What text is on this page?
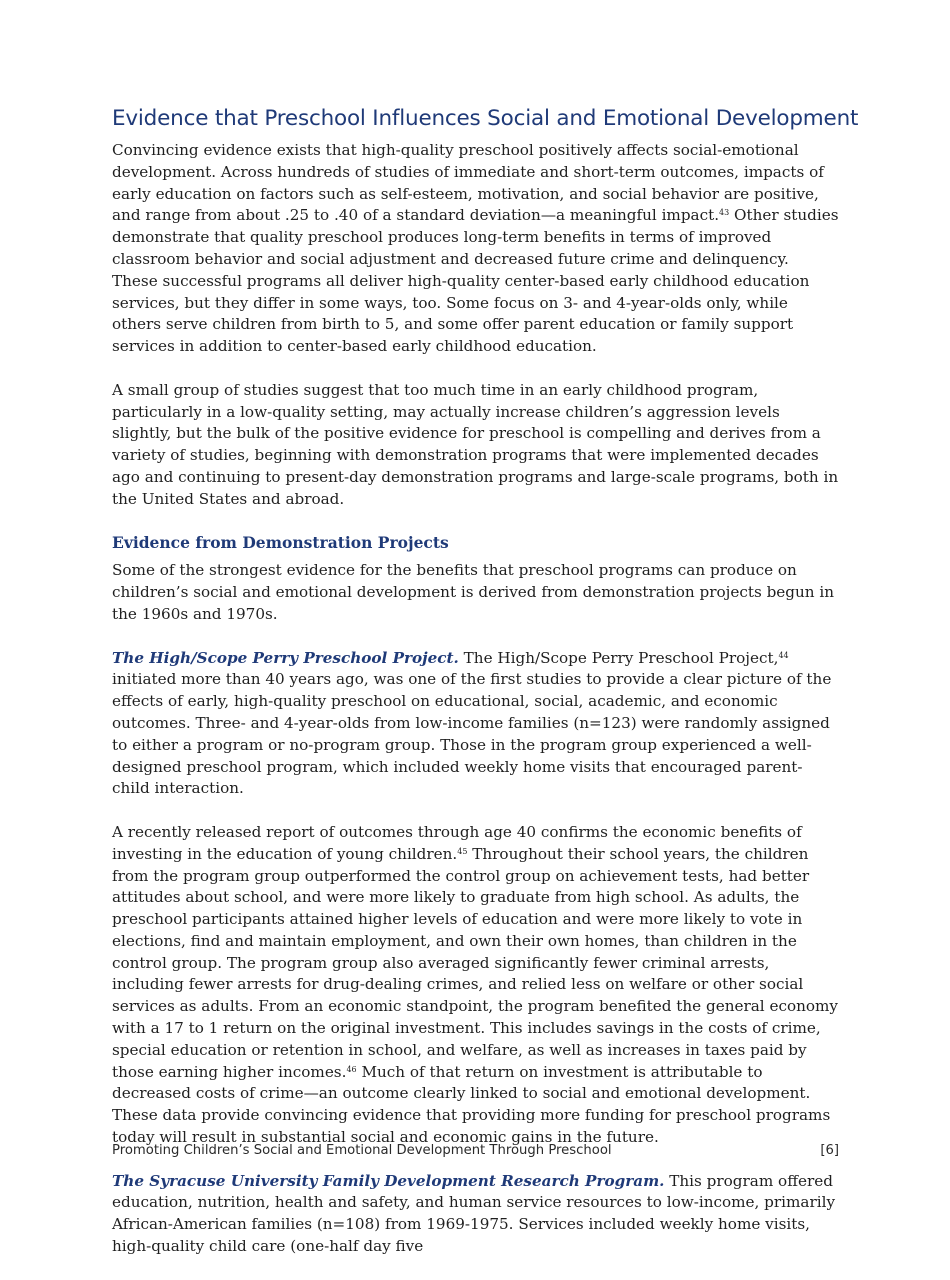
Evidence that Preschool Influences Social and Emotional Development

Convincing evidence exists that high-quality preschool positively affects social-emotional development. Across hundreds of studies of immediate and short-term outcomes, impacts of early education on factors such as self-esteem, motivation, and social behavior are positive, and range from about .25 to .40 of a standard deviation—a meaningful impact.$^{43}$ Other studies demonstrate that quality preschool produces long-term benefits in terms of improved classroom behavior and social adjustment and decreased future crime and delinquency. These successful programs all deliver high-quality center-based early childhood education services, but they differ in some ways, too. Some focus on 3- and 4-year-olds only, while others serve children from birth to 5, and some offer parent education or family support services in addition to center-based early childhood education.

A small group of studies suggest that too much time in an early childhood program, particularly in a low-quality setting, may actually increase children’s aggression levels slightly, but the bulk of the positive evidence for preschool is compelling and derives from a variety of studies, beginning with demonstration programs that were implemented decades ago and continuing to present-day demonstration programs and large-scale programs, both in the United States and abroad.

Evidence from Demonstration Projects

Some of the strongest evidence for the benefits that preschool programs can produce on children’s social and emotional development is derived from demonstration projects begun in the 1960s and 1970s.

The High/Scope Perry Preschool Project. The High/Scope Perry Preschool Project,$^{44}$ initiated more than 40 years ago, was one of the first studies to provide a clear picture of the effects of early, high-quality preschool on educational, social, academic, and economic outcomes. Three- and 4-year-olds from low-income families (n=123) were randomly assigned to either a program or no-program group. Those in the program group experienced a well-designed preschool program, which included weekly home visits that encouraged parent-child interaction.

A recently released report of outcomes through age 40 confirms the economic benefits of investing in the education of young children.$^{45}$ Throughout their school years, the children from the program group outperformed the control group on achievement tests, had better attitudes about school, and were more likely to graduate from high school. As adults, the preschool participants attained higher levels of education and were more likely to vote in elections, find and maintain employment, and own their own homes, than children in the control group. The program group also averaged significantly fewer criminal arrests, including fewer arrests for drug-dealing crimes, and relied less on welfare or other social services as adults. From an economic standpoint, the program benefited the general economy with a 17 to 1 return on the original investment. This includes savings in the costs of crime, special education or retention in school, and welfare, as well as increases in taxes paid by those earning higher incomes.$^{46}$ Much of that return on investment is attributable to decreased costs of crime—an outcome clearly linked to social and emotional development. These data provide convincing evidence that providing more funding for preschool programs today will result in substantial social and economic gains in the future.

The Syracuse University Family Development Research Program. This program offered education, nutrition, health and safety, and human service resources to low-income, primarily African-American families (n=108) from 1969-1975. Services included weekly home visits, high-quality child care (one-half day five

Promoting Children’s Social and Emotional Development Through Preschool	[6]
